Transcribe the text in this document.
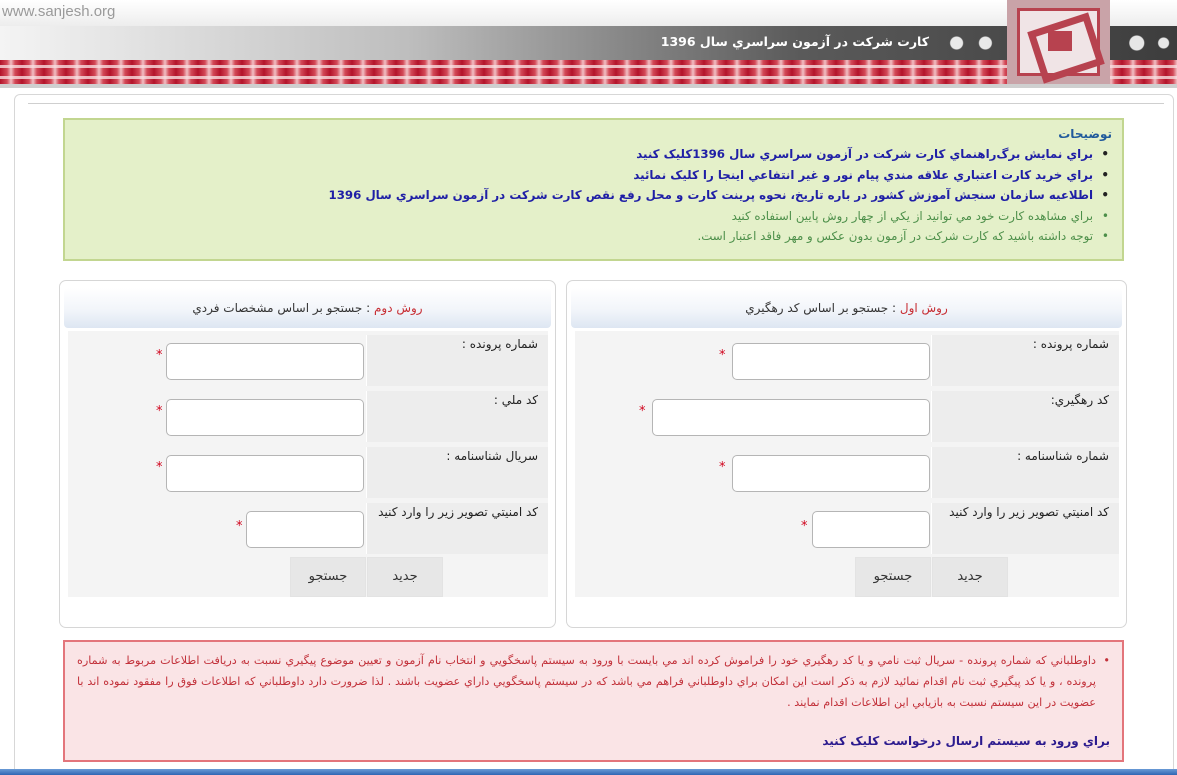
www.sanjesh.org
کارت شرکت در آزمون سراسري سال 1396
توضيحات
• براي نمايش برگ‌راهنماي کارت شرکت در آزمون سراسري سال 1396کليک کنيد
• براي خريد کارت اعتباري علاقه مندي پيام نور و غير انتفاعي اينجا را کليک نمائيد
• اطلاعيه سازمان سنجش آموزش کشور در باره تاريخ، نحوه پرينت کارت و محل رفع نقص کارت شرکت در آزمون سراسري سال 1396
• براي مشاهده کارت خود مي توانيد از يکي از چهار روش پايين استفاده کنيد
• توجه داشته باشيد که کارت شرکت در آزمون بدون عکس و مهر فاقد اعتبار است.
روش اول : جستجو بر اساس کد رهگيري
شماره پرونده :
*
کد رهگيري:
*
شماره شناسنامه :
*
کد امنيتي تصوير زير را وارد کنيد
*
جستجو	جديد
روش دوم : جستجو بر اساس مشخصات فردي
شماره پرونده :
*
کد ملي :
*
سريال شناسنامه :
*
کد امنيتي تصوير زير را وارد کنيد
*
جستجو	جديد
• داوطلباني که شماره پرونده - سريال ثبت نامي و يا کد رهگيري خود را فراموش کرده اند مي بايست با ورود به سيستم پاسخگويي و انتخاب نام آزمون و تعيين موضوع پيگيري نسبت به دريافت اطلاعات مربوط به شماره پرونده ، و يا کد پيگيري ثبت نام اقدام نمائيد لازم به ذکر است اين امکان براي داوطلباني فراهم مي باشد که در سيستم پاسخگويي داراي عضويت باشند . لذا ضرورت دارد داوطلباني که اطلاعات فوق را مفقود نموده اند با عضويت در اين سيستم نسبت به بازيابي اين اطلاعات اقدام نمايند .
براي ورود به سيستم ارسال درخواست کليک کنيد
